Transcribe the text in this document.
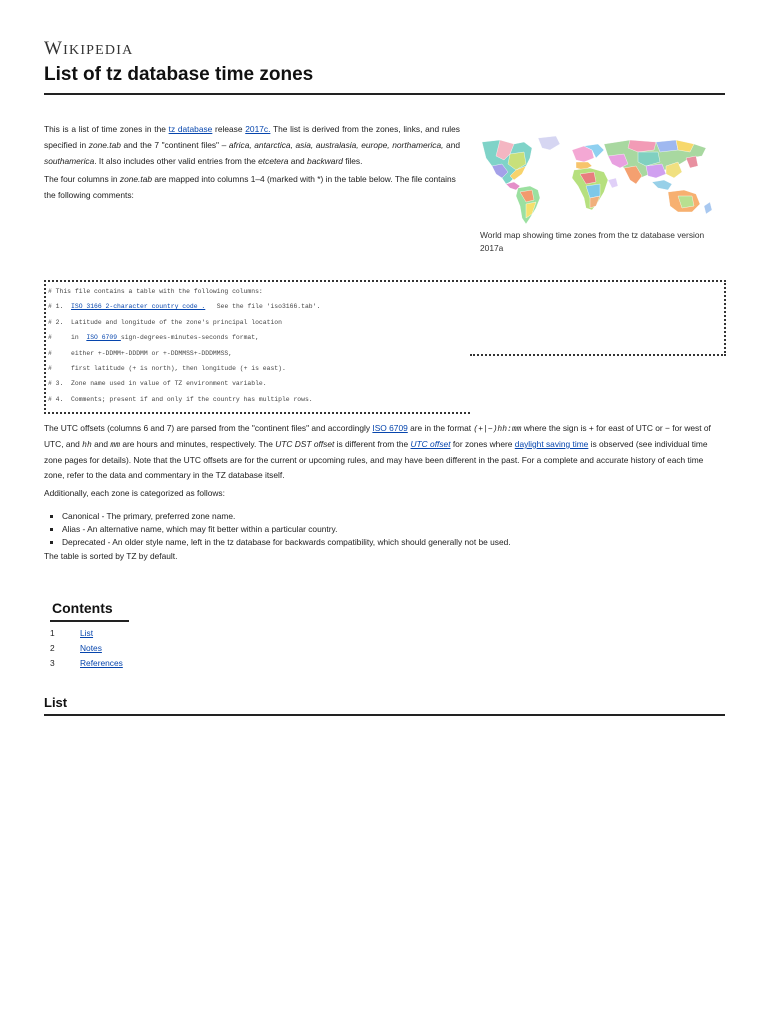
WIKIPEDIA
List of tz database time zones

This is a list of time zones in the tz database release 2017c. The list is derived from the zones, links, and rules specified in zone.tab and the 7 "continent files" – africa, antarctica, asia, australasia, europe, northamerica, and southamerica. It also includes other valid entries from the etcetera and backward files.

The four columns in zone.tab are mapped into columns 1–4 (marked with *) in the table below. The file contains the following comments:

World map showing time zones from the tz database version 2017a
# This file contains a table with the following columns:
# 1.  ISO 3166 2-character country code .   See the file 'iso3166.tab'.
# 2.  Latitude and longitude of the zone's principal location
#     in  ISO 6709 sign-degrees-minutes-seconds format,
#     either +-DDMM+-DDDMM or +-DDMMSS+-DDDMMSS,
#     first latitude (+ is north), then longitude (+ is east).
# 3.  Zone name used in value of TZ environment variable.
# 4.  Comments; present if and only if the country has multiple rows.

The UTC offsets (columns 6 and 7) are parsed from the "continent files" and accordingly ISO 6709 are in the format (+|−)hh:mm where the sign is + for east of UTC or − for west of UTC, and hh and mm are hours and minutes, respectively. The UTC DST offset is different from the UTC offset for zones where daylight saving time is observed (see individual time zone pages for details). Note that the UTC offsets are for the current or upcoming rules, and may have been different in the past. For a complete and accurate history of each time zone, refer to the data and commentary in the TZ database itself.

Additionally, each zone is categorized as follows:

Canonical - The primary, preferred zone name.
Alias - An alternative name, which may fit better within a particular country.
Deprecated - An older style name, left in the tz database for backwards compatibility, which should generally not be used.

The table is sorted by TZ by default.

Contents
1	List
2	Notes
3	References
List
